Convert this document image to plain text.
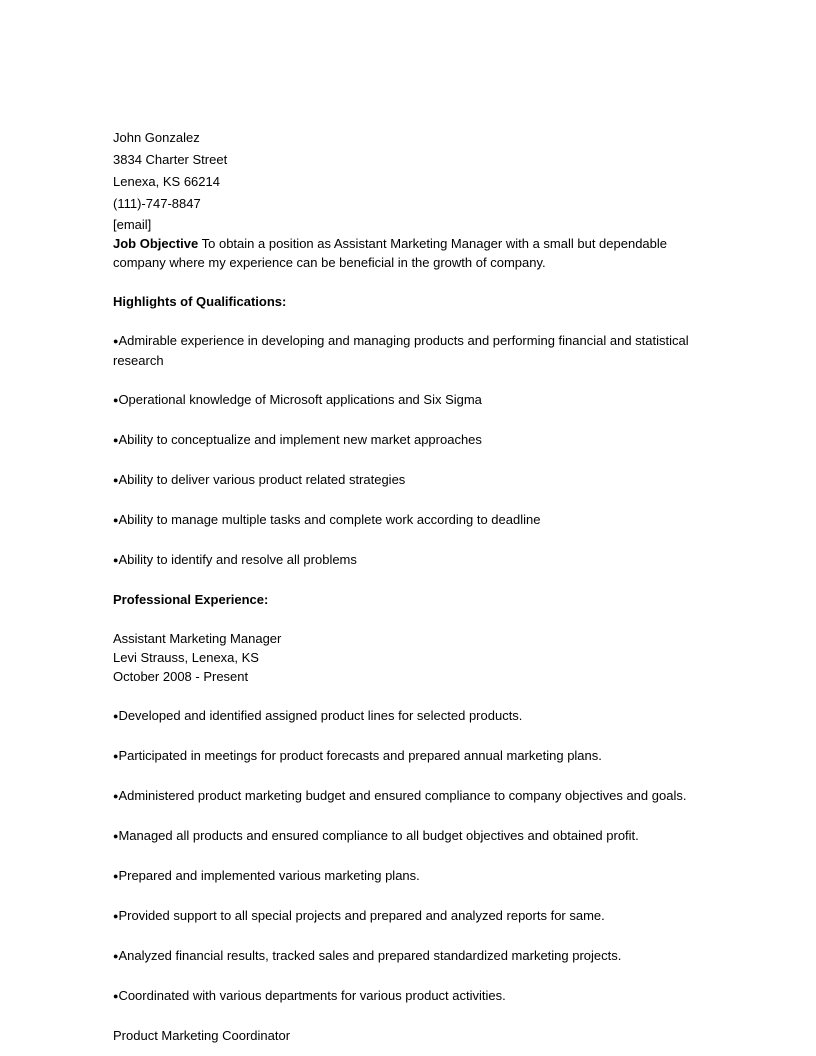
John Gonzalez
3834 Charter Street
Lenexa, KS 66214
(111)-747-8847
[email]
Job Objective To obtain a position as Assistant Marketing Manager with a small but dependable company where my experience can be beneficial in the growth of company.
Highlights of Qualifications:
●Admirable experience in developing and managing products and performing financial and statistical research
●Operational knowledge of Microsoft applications and Six Sigma
●Ability to conceptualize and implement new market approaches
●Ability to deliver various product related strategies
●Ability to manage multiple tasks and complete work according to deadline
●Ability to identify and resolve all problems
Professional Experience:
Assistant Marketing Manager
Levi Strauss, Lenexa, KS
October 2008 - Present
●Developed and identified assigned product lines for selected products.
●Participated in meetings for product forecasts and prepared annual marketing plans.
●Administered product marketing budget and ensured compliance to company objectives and goals.
●Managed all products and ensured compliance to all budget objectives and obtained profit.
●Prepared and implemented various marketing plans.
●Provided support to all special projects and prepared and analyzed reports for same.
●Analyzed financial results, tracked sales and prepared standardized marketing projects.
●Coordinated with various departments for various product activities.
Product Marketing Coordinator
